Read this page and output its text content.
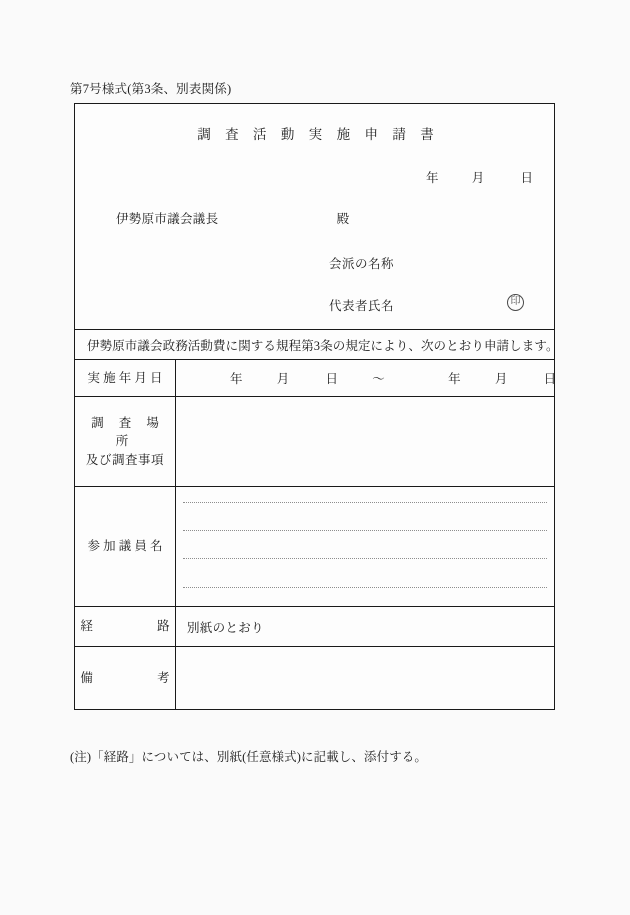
第7号様式(第3条、別表関係)
調 査 活 動 実 施 申 請 書
年	月	日
伊勢原市議会議長	殿
会派の名称
代表者氏名	印
伊勢原市議会政務活動費に関する規程第3条の規定により、次のとおり申請します。
実 施 年 月 日	年	月	日	〜	年	月	日
調 査 場 所
及び調査事項
参 加 議 員 名
経	路	別紙のとおり
備	考
(注)「経路」については、別紙(任意様式)に記載し、添付する。
